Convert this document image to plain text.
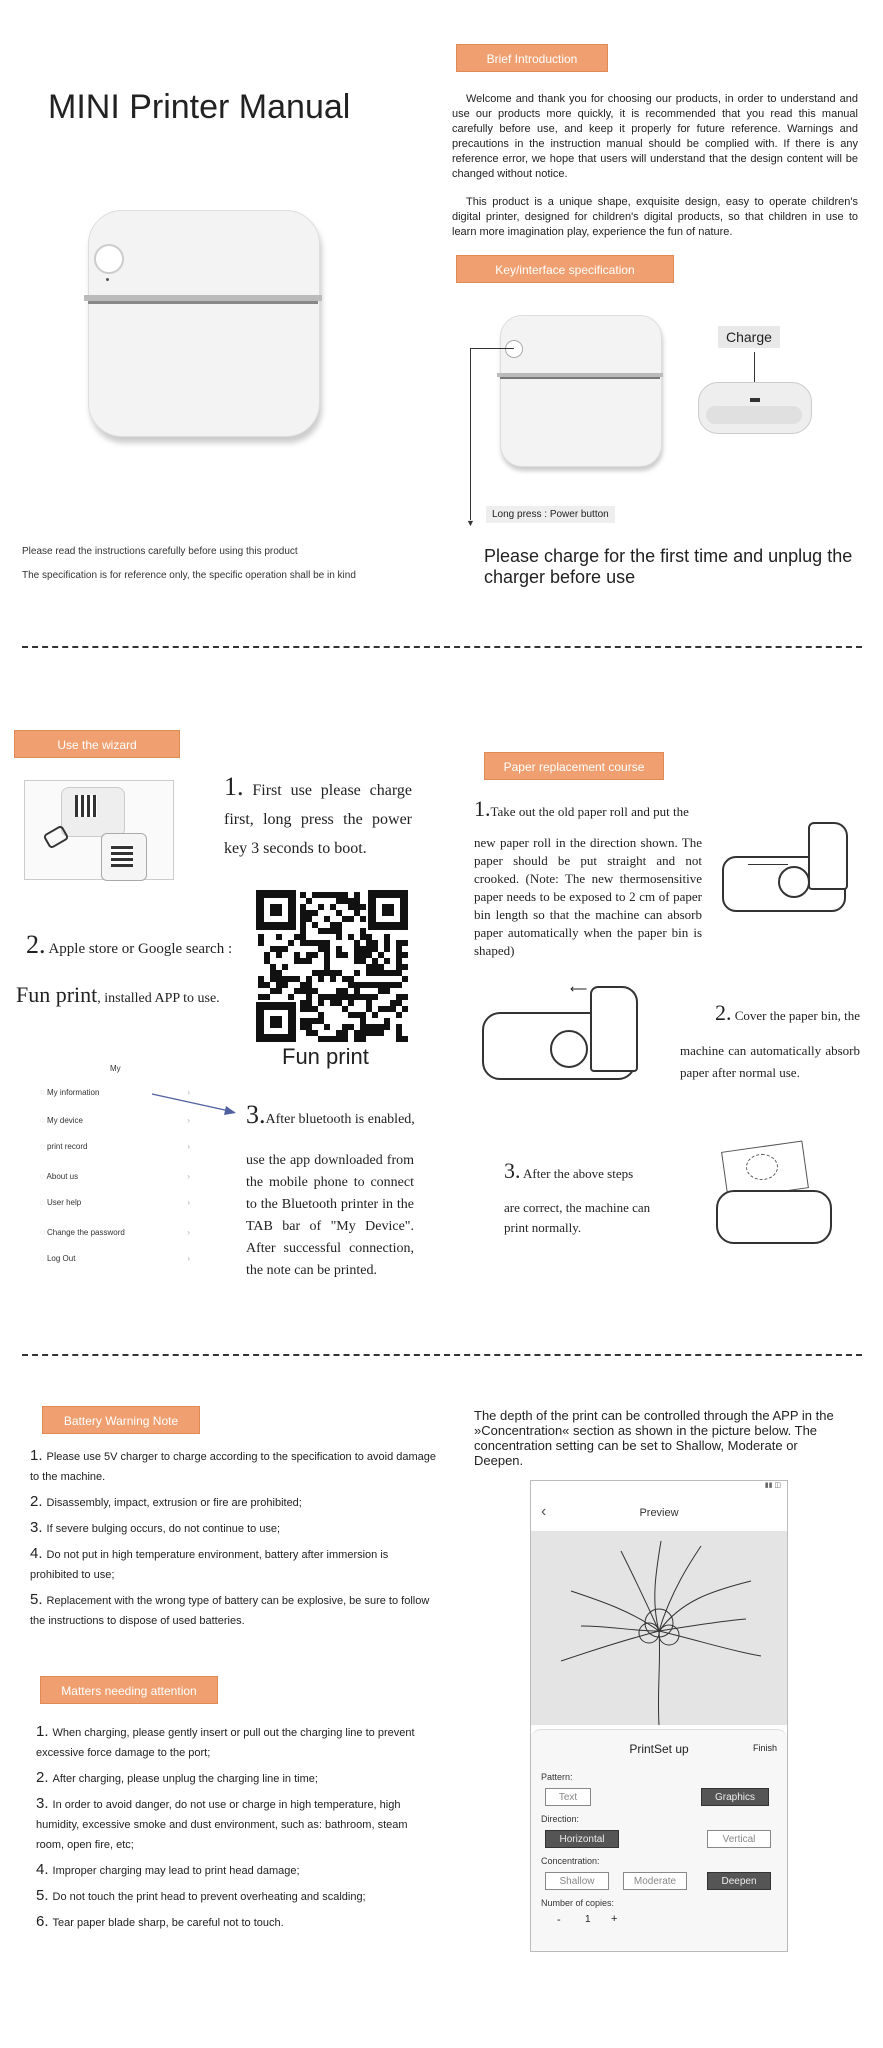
MINI Printer Manual
Please read the instructions carefully before using this product
The specification is for reference only, the specific operation shall be in kind
Brief Introduction
Welcome and thank you for choosing our products, in order to understand and use our products more quickly, it is recommended that you read this manual carefully before use, and keep it properly for future reference. Warnings and precautions in the instruction manual should be complied with. If there is any reference error, we hope that users will understand that the design content will be changed without notice.
This product is a unique shape, exquisite design, easy to operate children's digital printer, designed for children's digital products, so that children in use to learn more imagination play, experience the fun of nature.
Key/interface specification
▼
Long press : Power button
Charge
Please charge for the first time and unplug the charger before use
Use the wizard
1. First use please charge first, long press the power key 3 seconds to boot.
Fun print
2. Apple store or Google search :
Fun print, installed APP to use.
My
◌ My information	›
◌ My device	›
◌ print record	›
◌ About us	›
◌ User help	›
◌ Change the password	›
◌ Log Out	›
3.After bluetooth is enabled,
use the app downloaded from the mobile phone to connect to the Bluetooth printer in the TAB bar of "My Device". After successful connection, the note can be printed.
Paper replacement course
1.Take out the old paper roll and put the
new paper roll in the direction shown. The paper should be put straight and not crooked. (Note: The new thermosensitive paper needs to be exposed to 2 cm of paper bin length so that the machine can absorb paper automatically when the paper bin is shaped)
⟵
2. Cover the paper bin, the
machine can automatically absorb paper after normal use.
3. After the above steps
are correct, the machine can print normally.
Battery Warning Note
1. Please use 5V charger to charge according to the specification to avoid damage to the machine.
2. Disassembly, impact, extrusion or fire are prohibited;
3. If severe bulging occurs, do not continue to use;
4. Do not put in high temperature environment, battery after immersion is prohibited to use;
5. Replacement with the wrong type of battery can be explosive, be sure to follow the instructions to dispose of used batteries.
Matters needing attention
1. When charging, please gently insert or pull out the charging line to prevent excessive force damage to the port;
2. After charging, please unplug the charging line in time;
3. In order to avoid danger, do not use or charge in high temperature, high humidity, excessive smoke and dust environment, such as: bathroom, steam room, open fire, etc;
4. Improper charging may lead to print head damage;
5. Do not touch the print head to prevent overheating and scalding;
6. Tear paper blade sharp, be careful not to touch.
The depth of the print can be controlled through the APP in the »Concentration« section as shown in the picture below. The concentration setting can be set to Shallow, Moderate or Deepen.
▮▮ ◫
‹	Preview
PrintSet up	Finish
Pattern:
Text	Graphics
Direction:
Horizontal	Vertical
Concentration:
Shallow	Moderate	Deepen
Number of copies:
- 1 +
